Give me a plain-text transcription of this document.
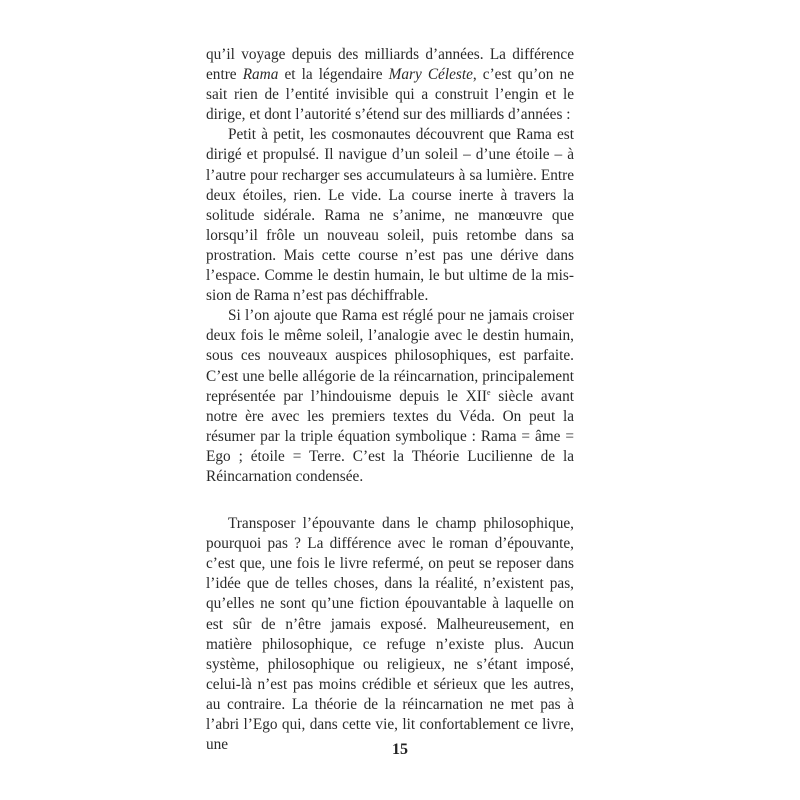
qu’il voyage depuis des milliards d’années. La différence entre Rama et la légendaire Mary Céleste, c’est qu’on ne sait rien de l’entité invisible qui a construit l’engin et le dirige, et dont l’autorité s’étend sur des milliards d’années :

Petit à petit, les cosmonautes découvrent que Rama est dirigé et propulsé. Il navigue d’un soleil – d’une étoile – à l’autre pour recharger ses accumulateurs à sa lumière. Entre deux étoiles, rien. Le vide. La course inerte à travers la solitude sidérale. Rama ne s’anime, ne manœuvre que lorsqu’il frôle un nouveau soleil, puis retombe dans sa prostration. Mais cette course n’est pas une dérive dans l’espace. Comme le destin humain, le but ultime de la mission de Rama n’est pas déchiffrable.

Si l’on ajoute que Rama est réglé pour ne jamais croiser deux fois le même soleil, l’analogie avec le destin humain, sous ces nouveaux auspices philosophiques, est parfaite. C’est une belle allégorie de la réincarnation, principalement représentée par l’hindouisme depuis le XIIe siècle avant notre ère avec les premiers textes du Véda. On peut la résumer par la triple équation symbolique : Rama = âme = Ego ; étoile = Terre. C’est la Théorie Lucilienne de la Réincarnation condensée.

Transposer l’épouvante dans le champ philosophique, pourquoi pas ? La différence avec le roman d’épouvante, c’est que, une fois le livre refermé, on peut se reposer dans l’idée que de telles choses, dans la réalité, n’existent pas, qu’elles ne sont qu’une fiction épouvantable à laquelle on est sûr de n’être jamais exposé. Malheureusement, en matière philosophique, ce refuge n’existe plus. Aucun système, philosophique ou religieux, ne s’étant imposé, celui-là n’est pas moins crédible et sérieux que les autres, au contraire. La théorie de la réincarnation ne met pas à l’abri l’Ego qui, dans cette vie, lit confortablement ce livre, une	15
